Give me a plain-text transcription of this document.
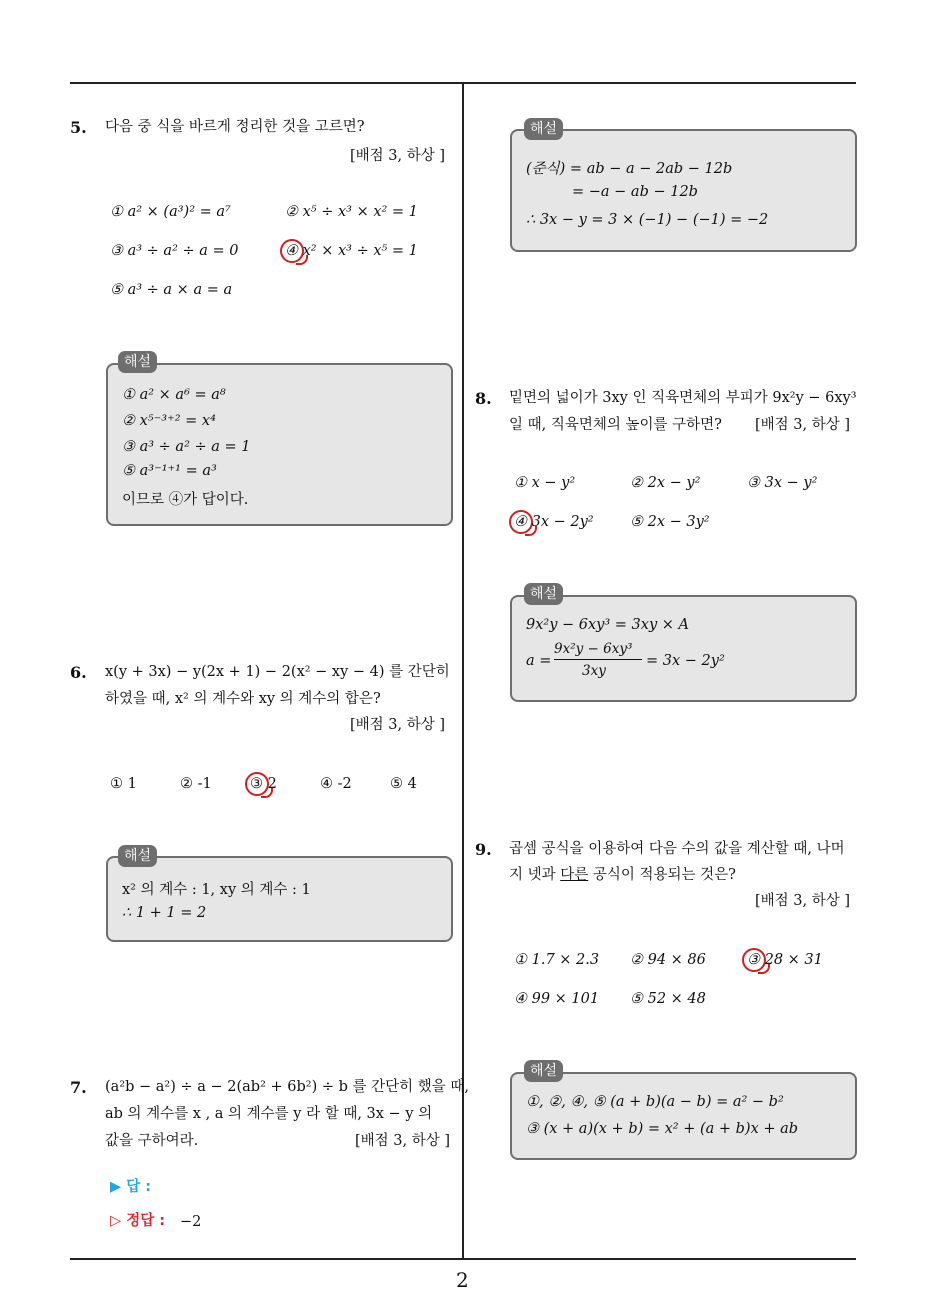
5. 다음 중 식을 바르게 정리한 것을 고르면?
[배점 3, 하상 ]
① a² × (a³)² = a⁷	② x⁵ ÷ x³ × x² = 1
③ a³ ÷ a² ÷ a = 0	④ x² × x³ ÷ x⁵ = 1
⑤ a³ ÷ a × a = a
① a² × a⁶ = a⁸
② x⁵⁻³⁺² = x⁴
③ a³ ÷ a² ÷ a = 1
⑤ a³⁻¹⁺¹ = a³
이므로 ④가 답이다.
해설
6. x(y + 3x) − y(2x + 1) − 2(x² − xy − 4) 를 간단히
하였을 때, x² 의 계수와 xy 의 계수의 합은?
[배점 3, 하상 ]
① 1	② -1	③ 2	④ -2	⑤ 4
x² 의 계수 : 1, xy 의 계수 : 1
∴ 1 + 1 = 2
해설
7. (a²b − a²) ÷ a − 2(ab² + 6b²) ÷ b 를 간단히 했을 때,
ab 의 계수를 x , a 의 계수를 y 라 할 때, 3x − y 의
값을 구하여라.	[배점 3, 하상 ]
▶ 답 :
▷ 정답 : −2
(준식) = ab − a − 2ab − 12b
= −a − ab − 12b
∴ 3x − y = 3 × (−1) − (−1) = −2
해설
8. 밑면의 넓이가 3xy 인 직육면체의 부피가 9x²y − 6xy³
일 때, 직육면체의 높이를 구하면? [배점 3, 하상 ]
① x − y²	② 2x − y²	③ 3x − y²
④ 3x − 2y²	⑤ 2x − 3y²
9x²y − 6xy³ = 3xy × A
a =
9x²y − 6xy³
3xy
= 3x − 2y²
해설
9. 곱셈 공식을 이용하여 다음 수의 값을 계산할 때, 나머
지 넷과 다른 공식이 적용되는 것은?
[배점 3, 하상 ]
① 1.7 × 2.3 ② 94 × 86	③ 28 × 31
④ 99 × 101 ⑤ 52 × 48
①, ②, ④, ⑤ (a + b)(a − b) = a² − b²
③ (x + a)(x + b) = x² + (a + b)x + ab
해설
2
